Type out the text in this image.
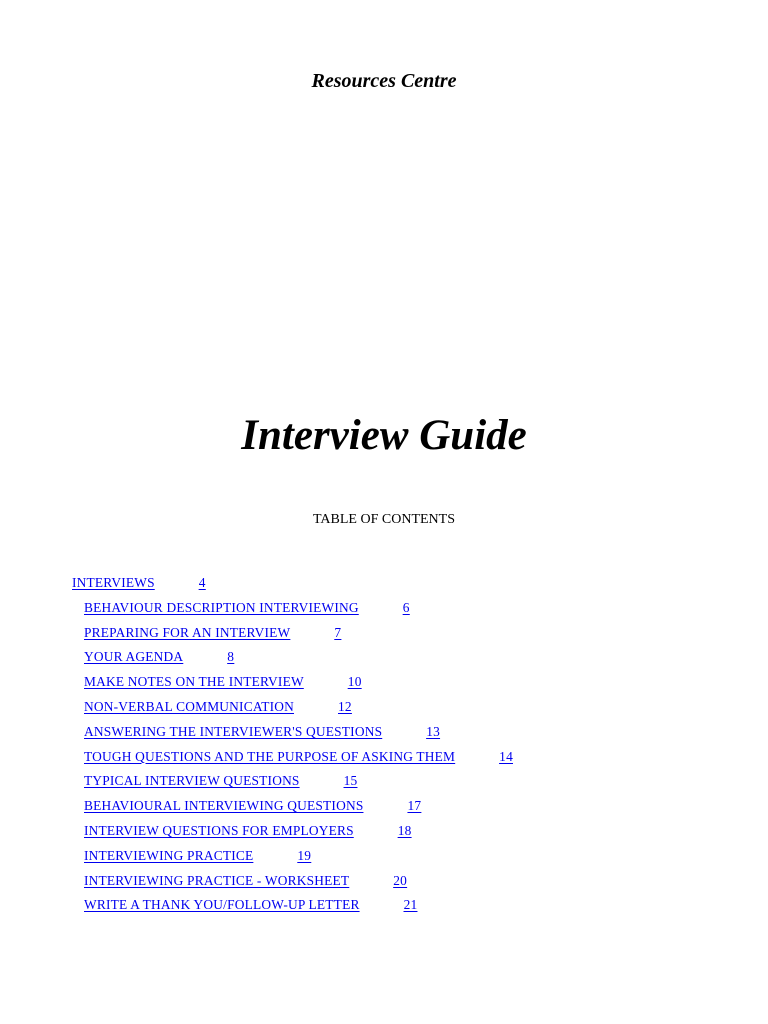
Resources Centre
Interview Guide
TABLE OF CONTENTS
INTERVIEWS	4
BEHAVIOUR DESCRIPTION INTERVIEWING	6
PREPARING FOR AN INTERVIEW	7
YOUR AGENDA	8
MAKE NOTES ON THE INTERVIEW	10
NON-VERBAL COMMUNICATION	12
ANSWERING THE INTERVIEWER'S QUESTIONS	13
TOUGH QUESTIONS AND THE PURPOSE OF ASKING THEM	14
TYPICAL INTERVIEW QUESTIONS	15
BEHAVIOURAL INTERVIEWING QUESTIONS	17
INTERVIEW QUESTIONS FOR EMPLOYERS	18
INTERVIEWING PRACTICE	19
INTERVIEWING PRACTICE - WORKSHEET	20
WRITE A THANK YOU/FOLLOW-UP LETTER	21
